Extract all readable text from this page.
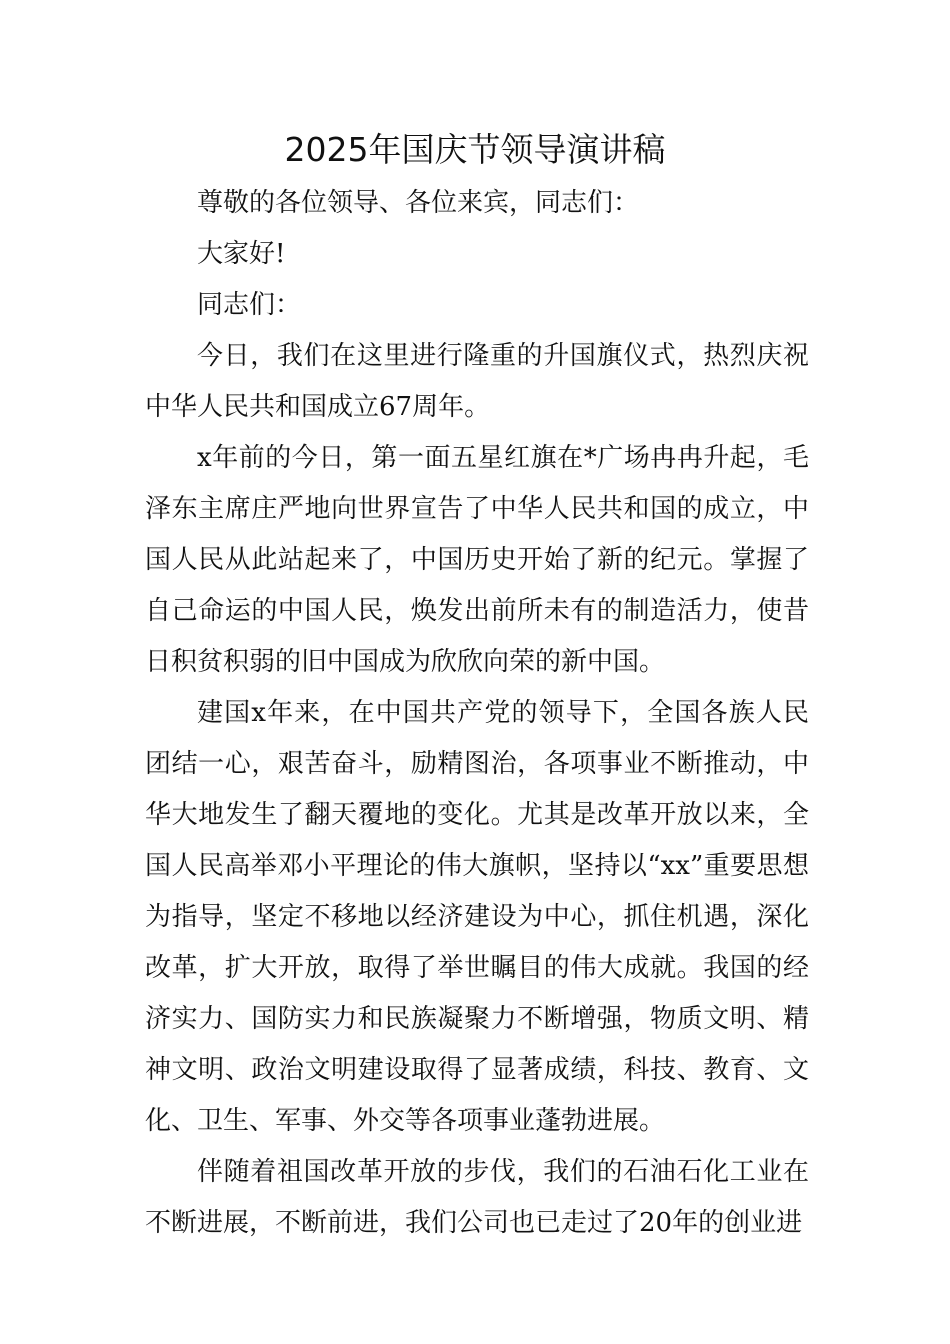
2025年国庆节领导演讲稿

尊敬的各位领导、各位来宾，同志们：

大家好!

同志们：

今日，我们在这里进行隆重的升国旗仪式，热烈庆祝中华人民共和国成立67周年。

x年前的今日，第一面五星红旗在*广场冉冉升起，毛泽东主席庄严地向世界宣告了中华人民共和国的成立，中国人民从此站起来了，中国历史开始了新的纪元。掌握了自己命运的中国人民，焕发出前所未有的制造活力，使昔日积贫积弱的旧中国成为欣欣向荣的新中国。

建国x年来，在中国共产党的领导下，全国各族人民团结一心，艰苦奋斗，励精图治，各项事业不断推动，中华大地发生了翻天覆地的变化。尤其是改革开放以来，全国人民高举邓小平理论的伟大旗帜，坚持以“xx”重要思想为指导，坚定不移地以经济建设为中心，抓住机遇，深化改革，扩大开放，取得了举世瞩目的伟大成就。我国的经济实力、国防实力和民族凝聚力不断增强，物质文明、精神文明、政治文明建设取得了显著成绩，科技、教育、文化、卫生、军事、外交等各项事业蓬勃进展。

伴随着祖国改革开放的步伐，我们的石油石化工业在不断进展，不断前进，我们公司也已走过了20年的创业进
